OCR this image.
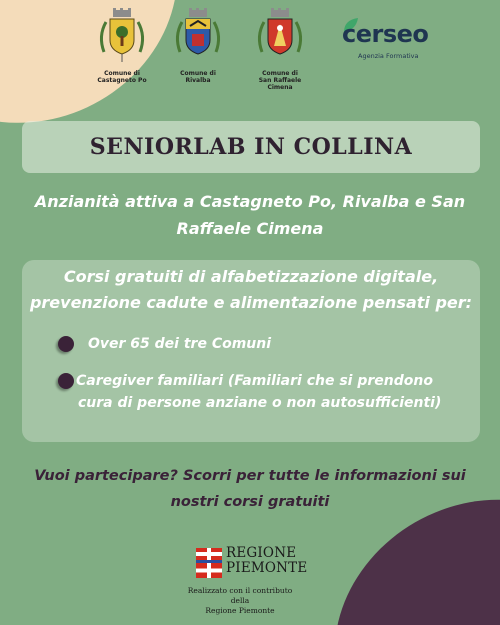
Comune di
Castagneto Po
Comune di
Rivalba
Comune di
San Raffaele
Cimena
cerseo
Agenzia Formativa
SENIORLAB IN COLLINA
Anzianità attiva a Castagneto Po, Rivalba e San
Raffaele Cimena
Corsi gratuiti di alfabetizzazione digitale,
prevenzione cadute e alimentazione pensati per:
Over 65 dei tre Comuni
Caregiver familiari (Familiari che si prendono
cura di persone anziane o non autosufficienti)
Vuoi partecipare? Scorri per tutte le informazioni sui
nostri corsi gratuiti
REGIONE
PIEMONTE
Realizzato con il contributo della
Regione Piemonte
